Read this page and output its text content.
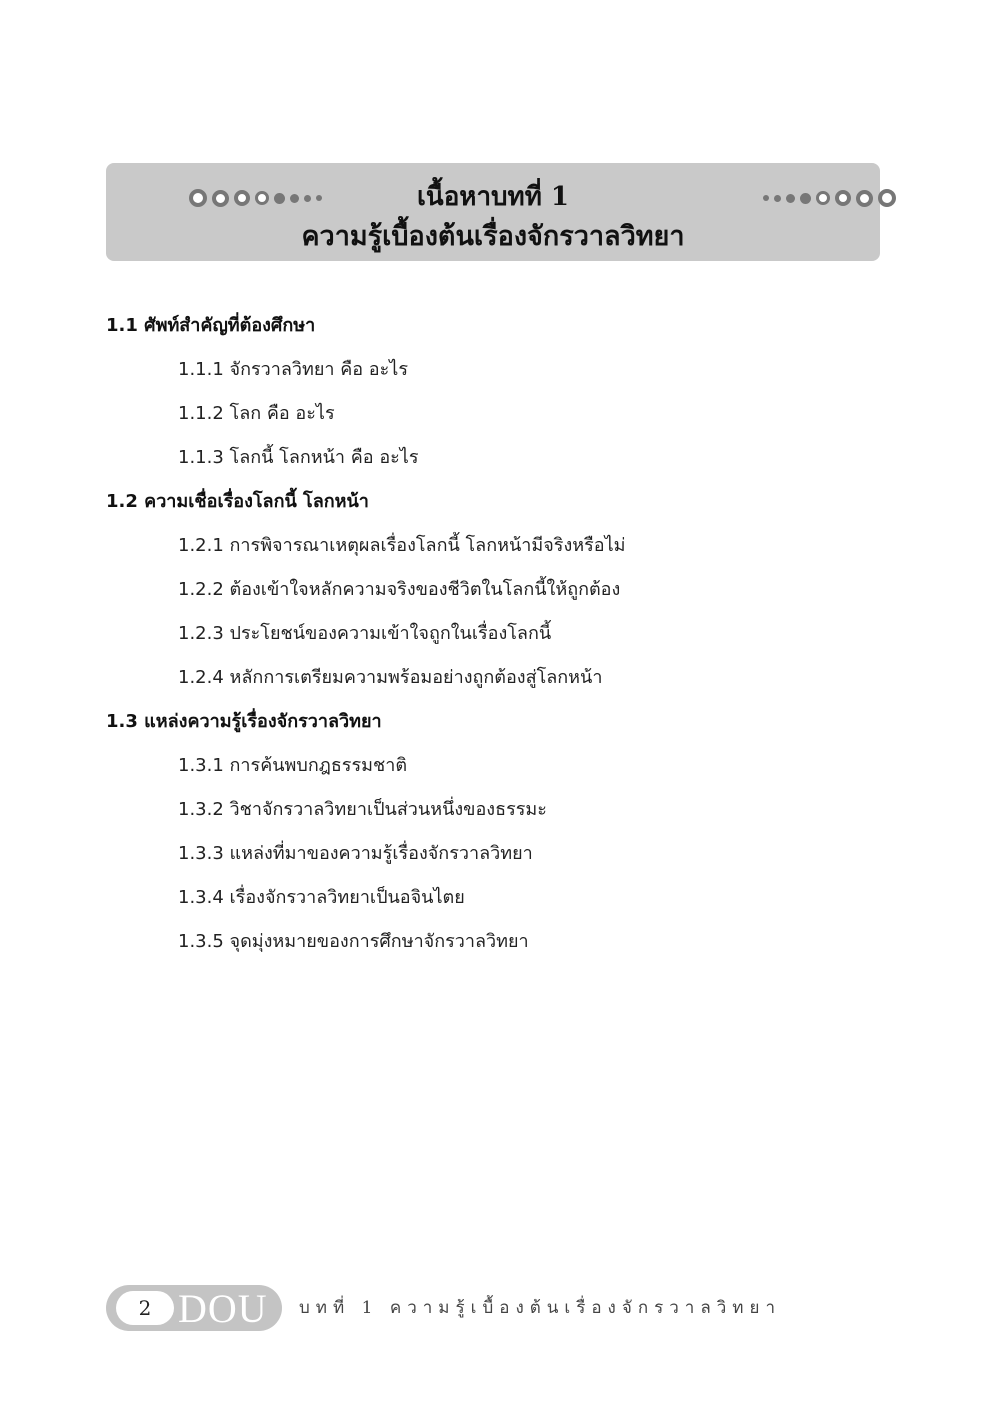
เนื้อหาบทที่ 1
ความรู้เบื้องต้นเรื่องจักรวาลวิทยา
1.1 ศัพท์สำคัญที่ต้องศึกษา
1.1.1 จักรวาลวิทยา คือ อะไร
1.1.2 โลก คือ อะไร
1.1.3 โลกนี้ โลกหน้า คือ อะไร
1.2 ความเชื่อเรื่องโลกนี้ โลกหน้า
1.2.1 การพิจารณาเหตุผลเรื่องโลกนี้ โลกหน้ามีจริงหรือไม่
1.2.2 ต้องเข้าใจหลักความจริงของชีวิตในโลกนี้ให้ถูกต้อง
1.2.3 ประโยชน์ของความเข้าใจถูกในเรื่องโลกนี้
1.2.4 หลักการเตรียมความพร้อมอย่างถูกต้องสู่โลกหน้า
1.3 แหล่งความรู้เรื่องจักรวาลวิทยา
1.3.1 การค้นพบกฎธรรมชาติ
1.3.2 วิชาจักรวาลวิทยาเป็นส่วนหนึ่งของธรรมะ
1.3.3 แหล่งที่มาของความรู้เรื่องจักรวาลวิทยา
1.3.4 เรื่องจักรวาลวิทยาเป็นอจินไตย
1.3.5 จุดมุ่งหมายของการศึกษาจักรวาลวิทยา
2 DOU บทที่ 1 ความรู้เบื้องต้นเรื่องจักรวาลวิทยา
